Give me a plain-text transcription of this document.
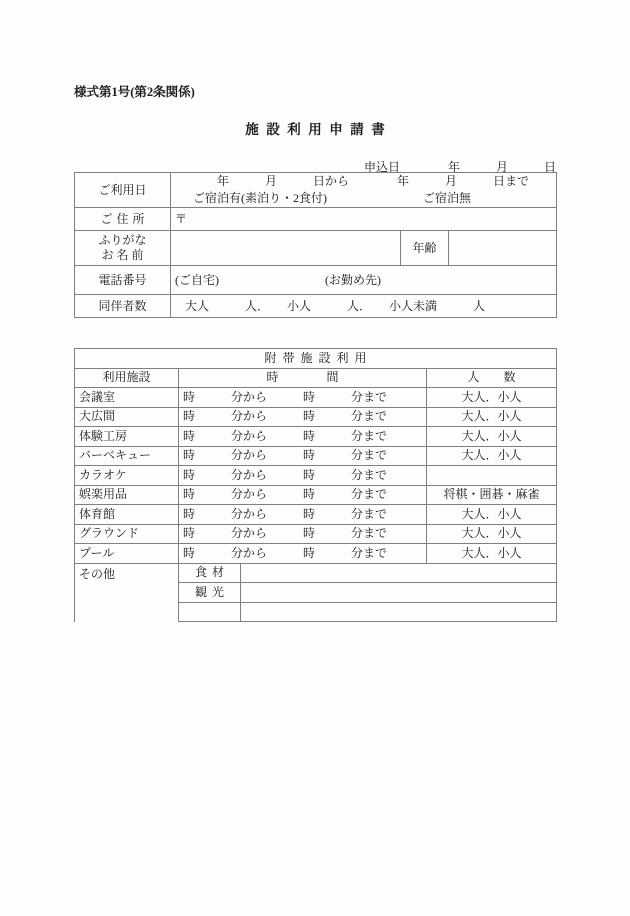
様式第1号(第2条関係)
施設利用申請書
申込日　　　　年　　　月　　　日
ご利用日	年　　　月　　　日から　　　　年　　　月　　　日まで		
	ご宿泊有(素泊り・2食付)　　　　　　　　ご宿泊無		
ご住所	〒		
ふりがな
お名前		年齢	
電話番号	(ご自宅) (お勤め先)		
同伴者数	大人　　　人．　　小人　　　人．　　小人未満　　　人		
附帯施設利用			
利用施設	時　　　　間		人　　数
会議室	時　　　分から　　　時　　　分まで		大人．小人
大広間	時　　　分から　　　時　　　分まで		大人．小人
体験工房	時　　　分から　　　時　　　分まで		大人．小人
バーベキュー	時　　　分から　　　時　　　分まで		大人．小人
カラオケ	時　　　分から　　　時　　　分まで		
娯楽用品	時　　　分から　　　時　　　分まで		将棋・囲碁・麻雀
体育館	時　　　分から　　　時　　　分まで		大人．小人
グラウンド	時　　　分から　　　時　　　分まで		大人．小人
プール	時　　　分から　　　時　　　分まで		大人．小人
その他	食材		
	観光		
